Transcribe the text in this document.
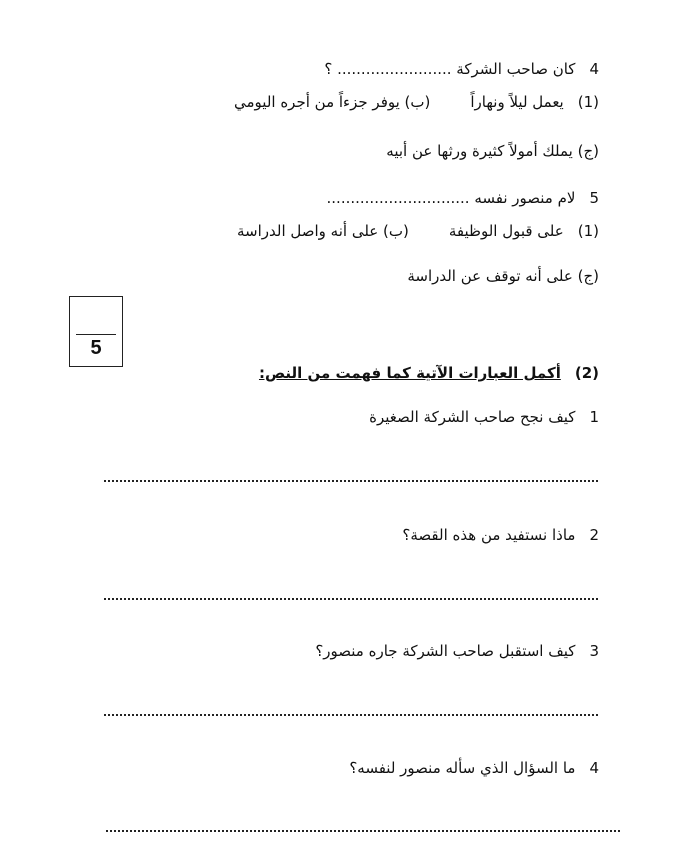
4كان صاحب الشركة ........................ ؟
(1)يعمل ليلاً ونهاراً(ب) يوفر جزءاً من أجره اليومي
(ج) يملك أمولاً كثيرة ورثها عن أبيه
5لام منصور نفسه ..............................
(1)على قبول الوظيفة(ب) على أنه واصل الدراسة
(ج) على أنه توقف عن الدراسة
5
(2)أكمل العبارات الآتية كما فهمت من النص:
1كيف نجح صاحب الشركة الصغيرة
2ماذا نستفيد من هذه القصة؟
3كيف استقبل صاحب الشركة جاره منصور؟
4ما السؤال الذي سأله منصور لنفسه؟
